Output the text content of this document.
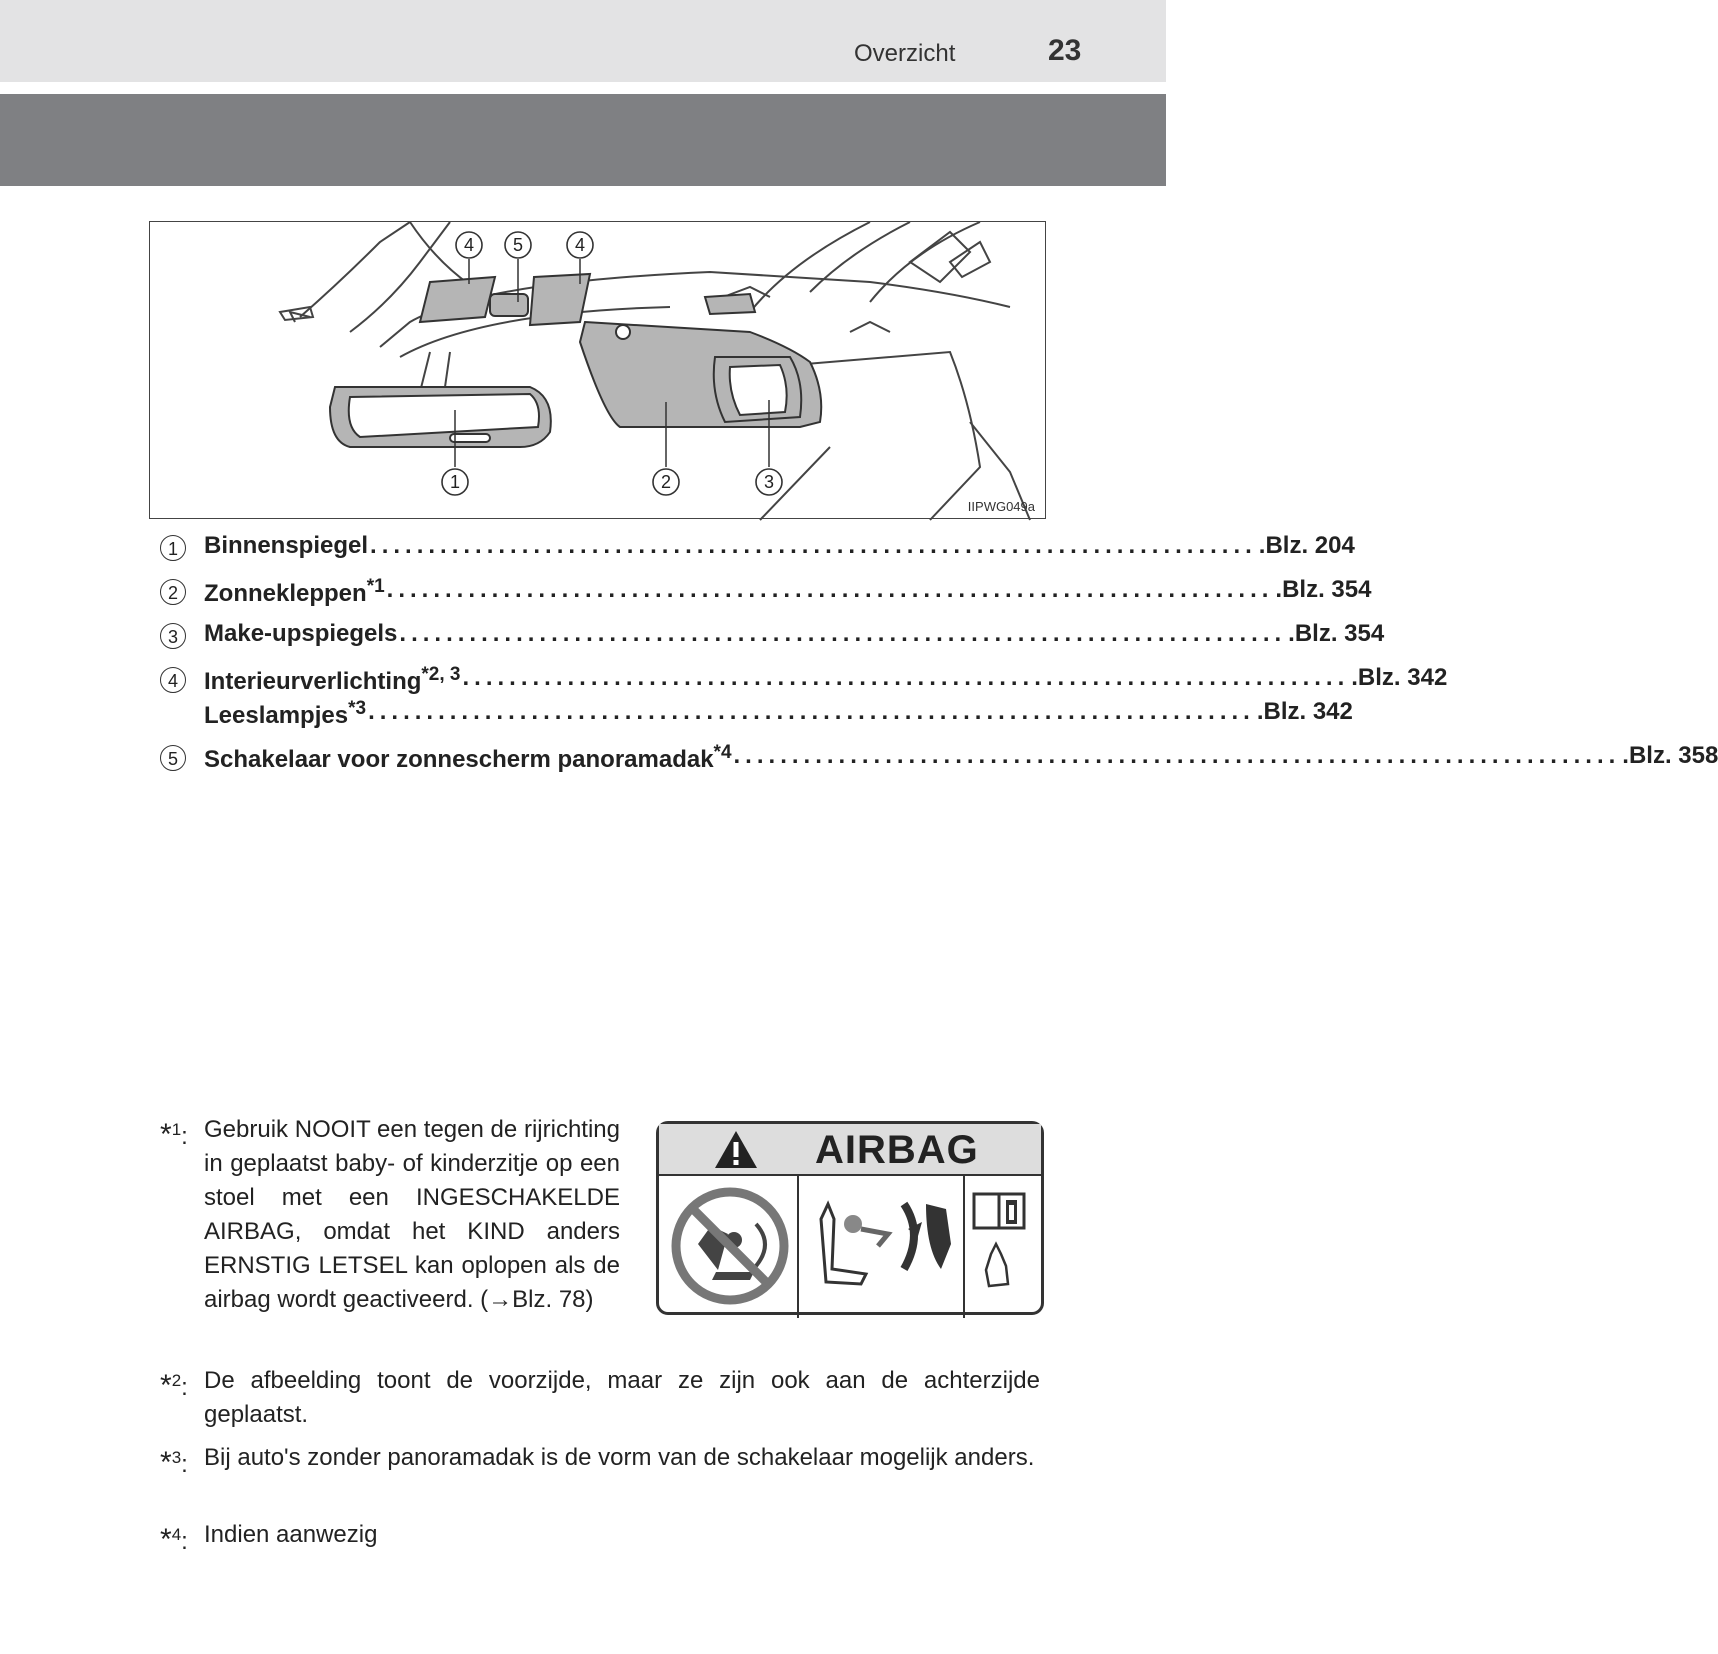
Overzicht	23
4 5	4
1	2	3
IIPWG049a
1	Binnenspiegel ............................................................................ .Blz. 204
2	Zonnekleppen$^{*1}$ ............................................................................ .Blz. 354
3	Make-upspiegels ............................................................................ .Blz. 354
4	Interieurverlichting$^{*2, 3}$ ............................................................................ .Blz. 342
Leeslampjes$^{*3}$ ............................................................................ .Blz. 342
5	Schakelaar voor zonnescherm panoramadak$^{*4}$ ............................................................................ .Blz. 358
*$^1$: Gebruik NOOIT een tegen de rijrichting in geplaatst baby- of kinderzitje op een stoel met een INGESCHAKELDE AIRBAG, omdat het KIND anders ERNSTIG LETSEL kan oplopen als de airbag wordt geactiveerd. (→Blz. 78)
AIRBAG
*$^2$: De afbeelding toont de voorzijde, maar ze zijn ook aan de achterzijde geplaatst.
*$^3$: Bij auto's zonder panoramadak is de vorm van de schakelaar mogelijk anders.
*$^4$: Indien aanwezig
